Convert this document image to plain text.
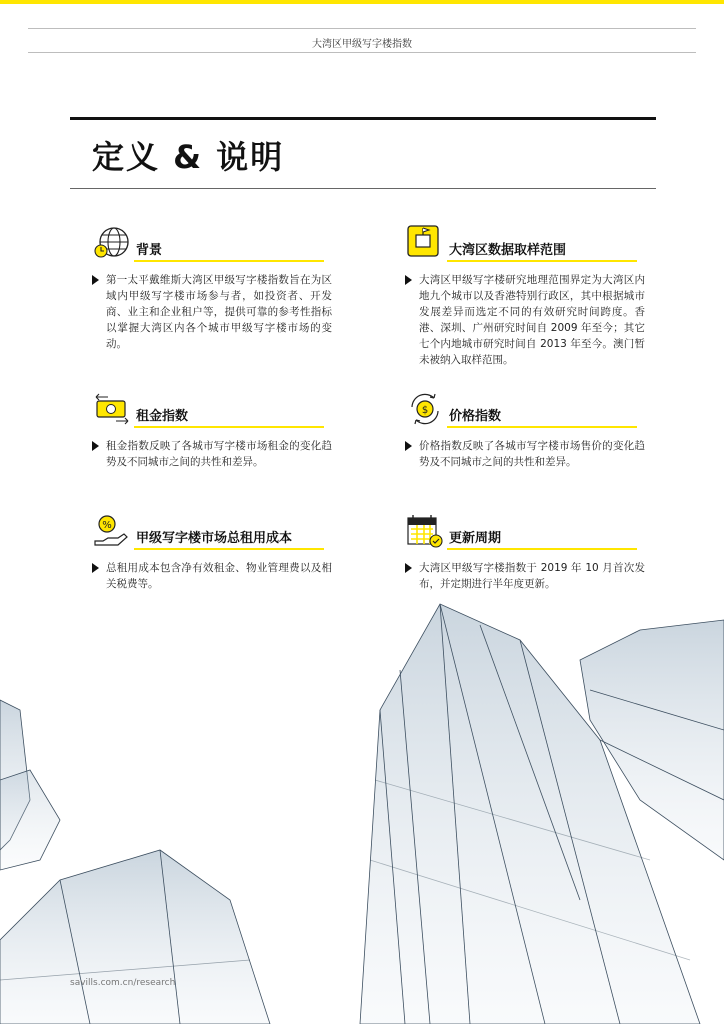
大湾区甲级写字楼指数
定义 & 说明
背景
第一太平戴维斯大湾区甲级写字楼指数旨在为区域内甲级写字楼市场参与者，如投资者、开发商、业主和企业租户等，提供可靠的参考性指标以掌握大湾区内各个城市甲级写字楼市场的变动。
大湾区数据取样范围
大湾区甲级写字楼研究地理范围界定为大湾区内地九个城市以及香港特别行政区，其中根据城市发展差异而选定不同的有效研究时间跨度。香港、深圳、广州研究时间自 2009 年至今；其它七个内地城市研究时间自 2013 年至今。澳门暂未被纳入取样范围。
租金指数
租金指数反映了各城市写字楼市场租金的变化趋势及不同城市之间的共性和差异。
$ 价格指数
价格指数反映了各城市写字楼市场售价的变化趋势及不同城市之间的共性和差异。
%
甲级写字楼市场总租用成本
总租用成本包含净有效租金、物业管理费以及相关税费等。
更新周期
大湾区甲级写字楼指数于 2019 年 10 月首次发布，并定期进行半年度更新。
savills.com.cn/research
